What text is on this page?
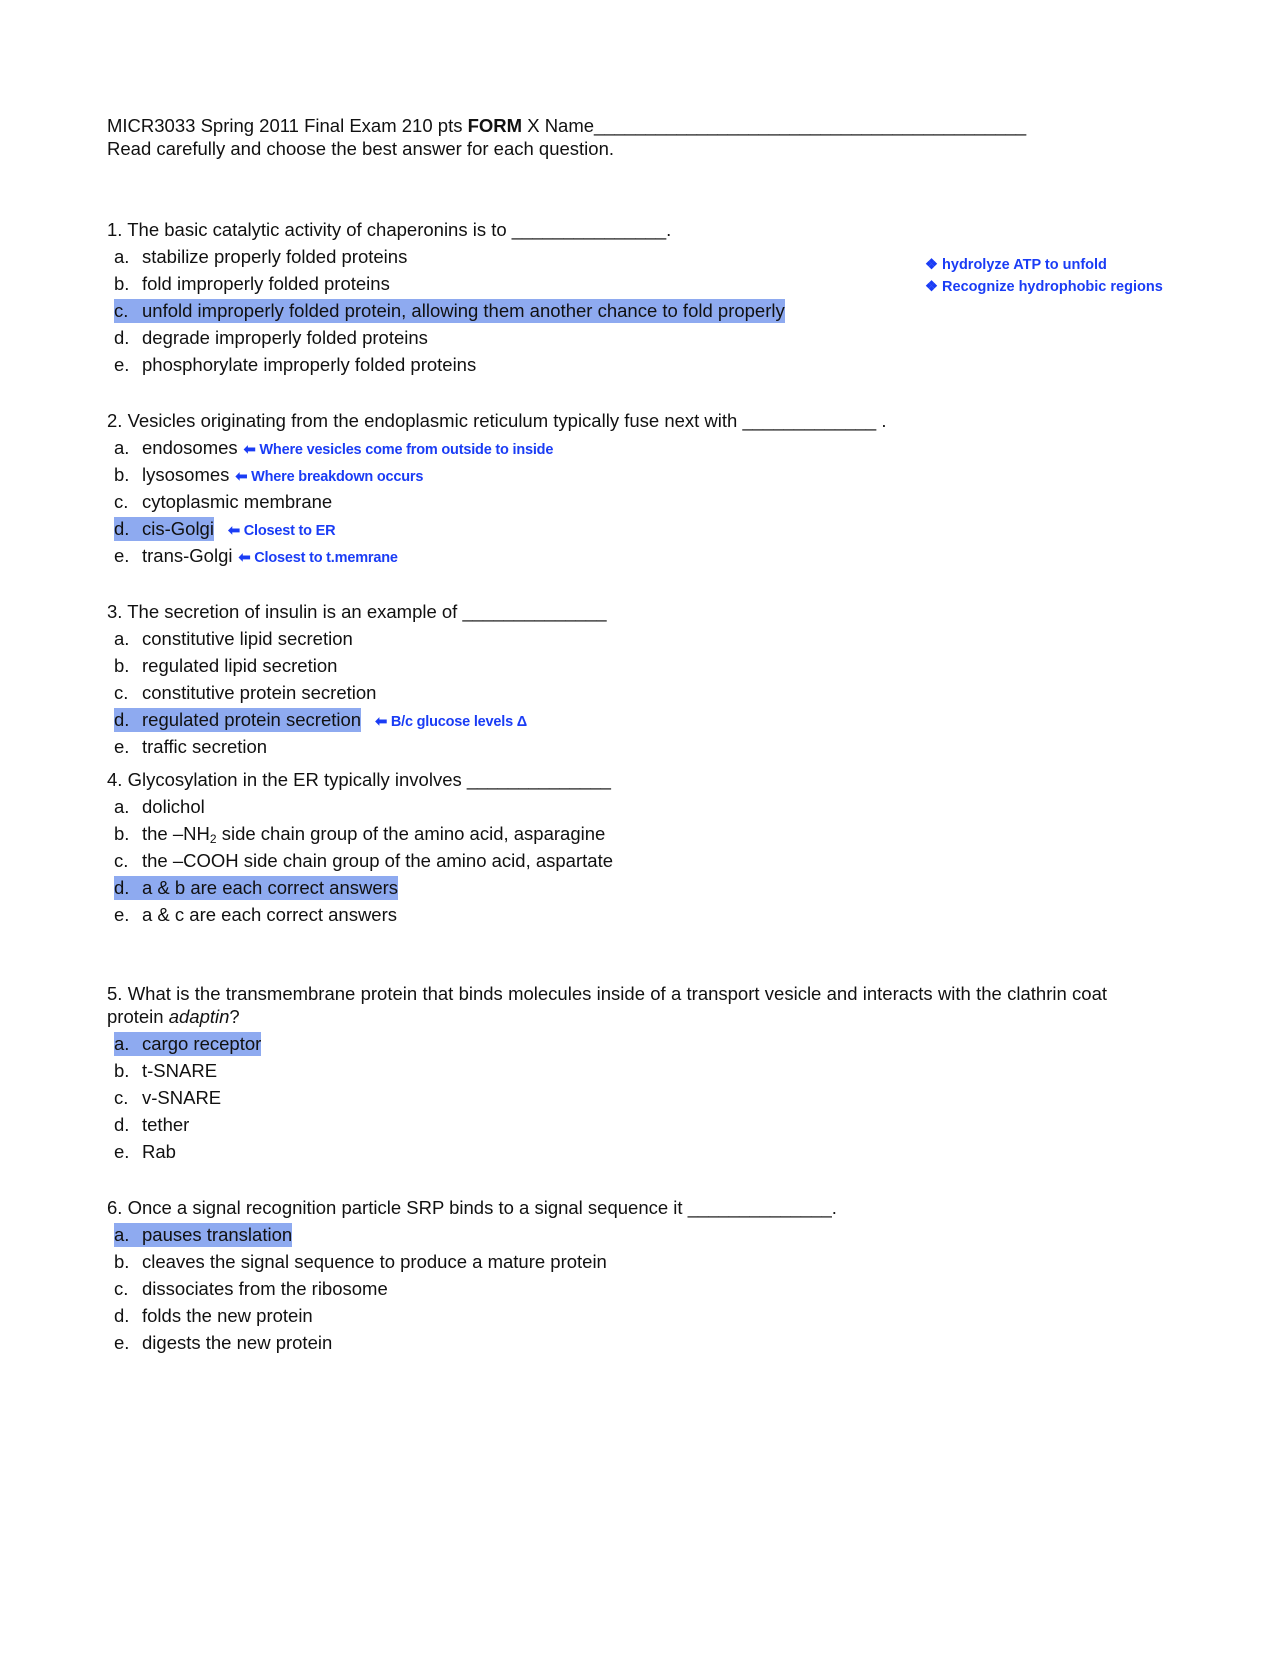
MICR3033 Spring 2011 Final Exam 210 pts FORM X Name__________________________________________
Read carefully and choose the best answer for each question.
❖ hydrolyze ATP to unfold
❖ Recognize hydrophobic regions
1. The basic catalytic activity of chaperonins is to _______________.
a. stabilize properly folded proteins
b. fold improperly folded proteins
c. unfold improperly folded protein, allowing them another chance to fold properly
d. degrade improperly folded proteins
e. phosphorylate improperly folded proteins
2. Vesicles originating from the endoplasmic reticulum typically fuse next with _____________ .
a. endosomes ⬅ Where vesicles come from outside to inside
b. lysosomes ⬅ Where breakdown occurs
c. cytoplasmic membrane
d. cis-Golgi ⬅ Closest to ER
e. trans-Golgi ⬅ Closest to t.memrane
3. The secretion of insulin is an example of ______________
a. constitutive lipid secretion
b. regulated lipid secretion
c. constitutive protein secretion
d. regulated protein secretion ⬅ B/c glucose levels Δ
e. traffic secretion
4. Glycosylation in the ER typically involves ______________
a. dolichol
b. the $-NH_2$ side chain group of the amino acid, asparagine
c. the –COOH side chain group of the amino acid, aspartate
d. a & b are each correct answers
e. a & c are each correct answers
5. What is the transmembrane protein that binds molecules inside of a transport vesicle and interacts with the clathrin coat protein adaptin?
a. cargo receptor
b. t-SNARE
c. v-SNARE
d. tether
e. Rab
6. Once a signal recognition particle SRP binds to a signal sequence it ______________.
a. pauses translation
b. cleaves the signal sequence to produce a mature protein
c. dissociates from the ribosome
d. folds the new protein
e. digests the new protein
